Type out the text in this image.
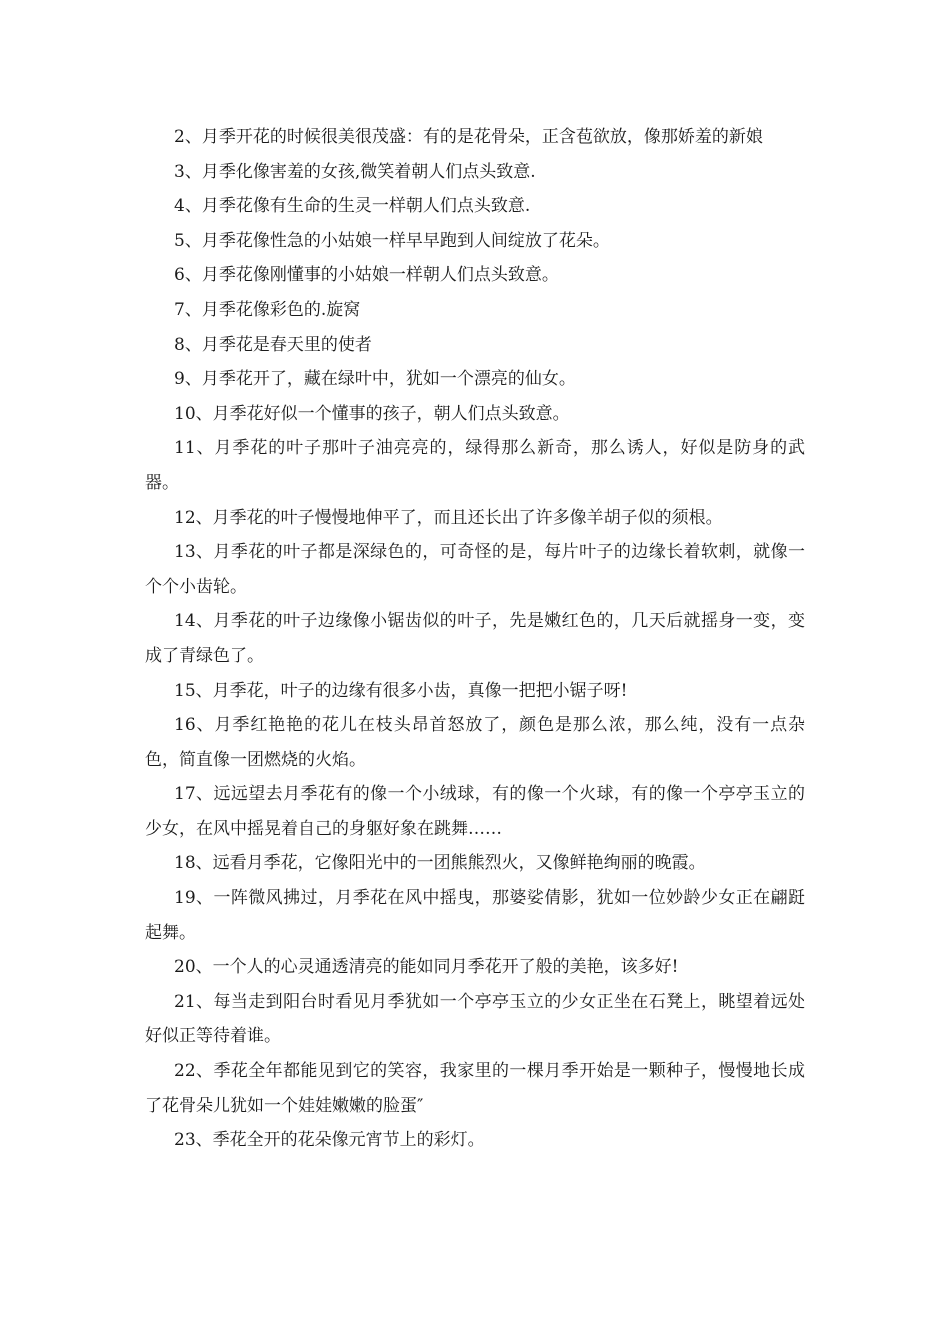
2、月季开花的时候很美很茂盛：有的是花骨朵，正含苞欲放，像那娇羞的新娘

3、月季化像害羞的女孩,微笑着朝人们点头致意.

4、月季花像有生命的生灵一样朝人们点头致意.

5、月季花像性急的小姑娘一样早早跑到人间绽放了花朵。

6、月季花像刚懂事的小姑娘一样朝人们点头致意。

7、月季花像彩色的.旋窝

8、月季花是春天里的使者

9、月季花开了，藏在绿叶中，犹如一个漂亮的仙女。

10、月季花好似一个懂事的孩子，朝人们点头致意。

11、月季花的叶子那叶子油亮亮的，绿得那么新奇，那么诱人，好似是防身的武器。

12、月季花的叶子慢慢地伸平了，而且还长出了许多像羊胡子似的须根。

13、月季花的叶子都是深绿色的，可奇怪的是，每片叶子的边缘长着软刺，就像一个个小齿轮。

14、月季花的叶子边缘像小锯齿似的叶子，先是嫩红色的，几天后就摇身一变，变成了青绿色了。

15、月季花，叶子的边缘有很多小齿，真像一把把小锯子呀!

16、月季红艳艳的花儿在枝头昂首怒放了，颜色是那么浓，那么纯，没有一点杂色，简直像一团燃烧的火焰。

17、远远望去月季花有的像一个小绒球，有的像一个火球，有的像一个亭亭玉立的少女，在风中摇晃着自己的身躯好象在跳舞……

18、远看月季花，它像阳光中的一团熊熊烈火，又像鲜艳绚丽的晚霞。

19、一阵微风拂过，月季花在风中摇曳，那婆娑倩影，犹如一位妙龄少女正在翩跹起舞。

20、一个人的心灵通透清亮的能如同月季花开了般的美艳，该多好!

21、每当走到阳台时看见月季犹如一个亭亭玉立的少女正坐在石凳上，眺望着远处好似正等待着谁。

22、季花全年都能见到它的笑容，我家里的一棵月季开始是一颗种子，慢慢地长成了花骨朵儿犹如一个娃娃嫩嫩的脸蛋″

23、季花全开的花朵像元宵节上的彩灯。
